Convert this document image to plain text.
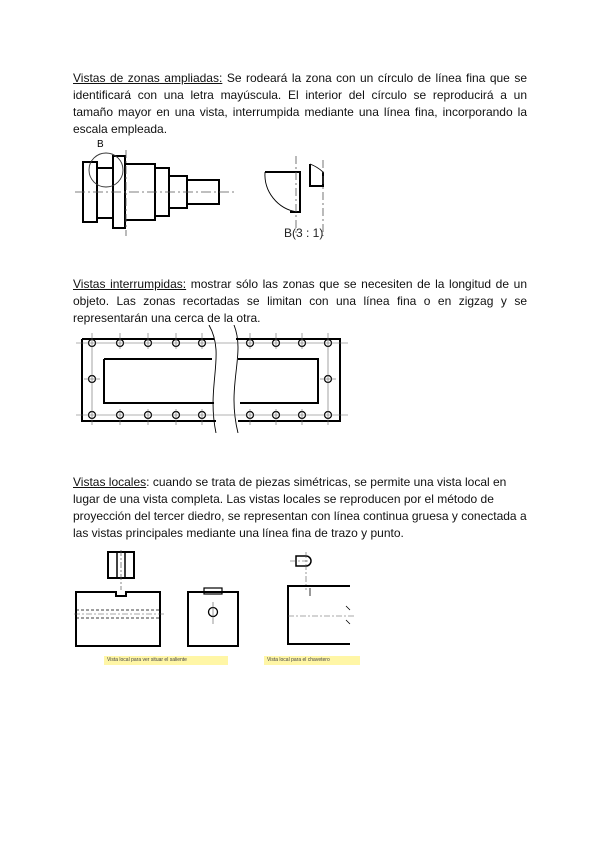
Vistas de zonas ampliadas: Se rodeará la zona con un círculo de línea fina que se identificará con una letra mayúscula. El interior del círculo se reproducirá a un tamaño mayor en una vista, interrumpida mediante una línea fina, incorporando la escala empleada.

B
B(3 : 1)

Vistas interrumpidas: mostrar sólo las zonas que se necesiten de la longitud de un objeto. Las zonas recortadas se limitan con una línea fina o en zigzag y se representarán una cerca de la otra.

Vistas locales: cuando se trata de piezas simétricas, se permite una vista local en lugar de una vista completa. Las vistas locales se reproducen por el método de proyección del tercer diedro, se representan con línea continua gruesa y conectada a las vistas principales mediante una línea fina de trazo y punto.

Vista local para ver situar el saliente	Vista local para el chavetero
